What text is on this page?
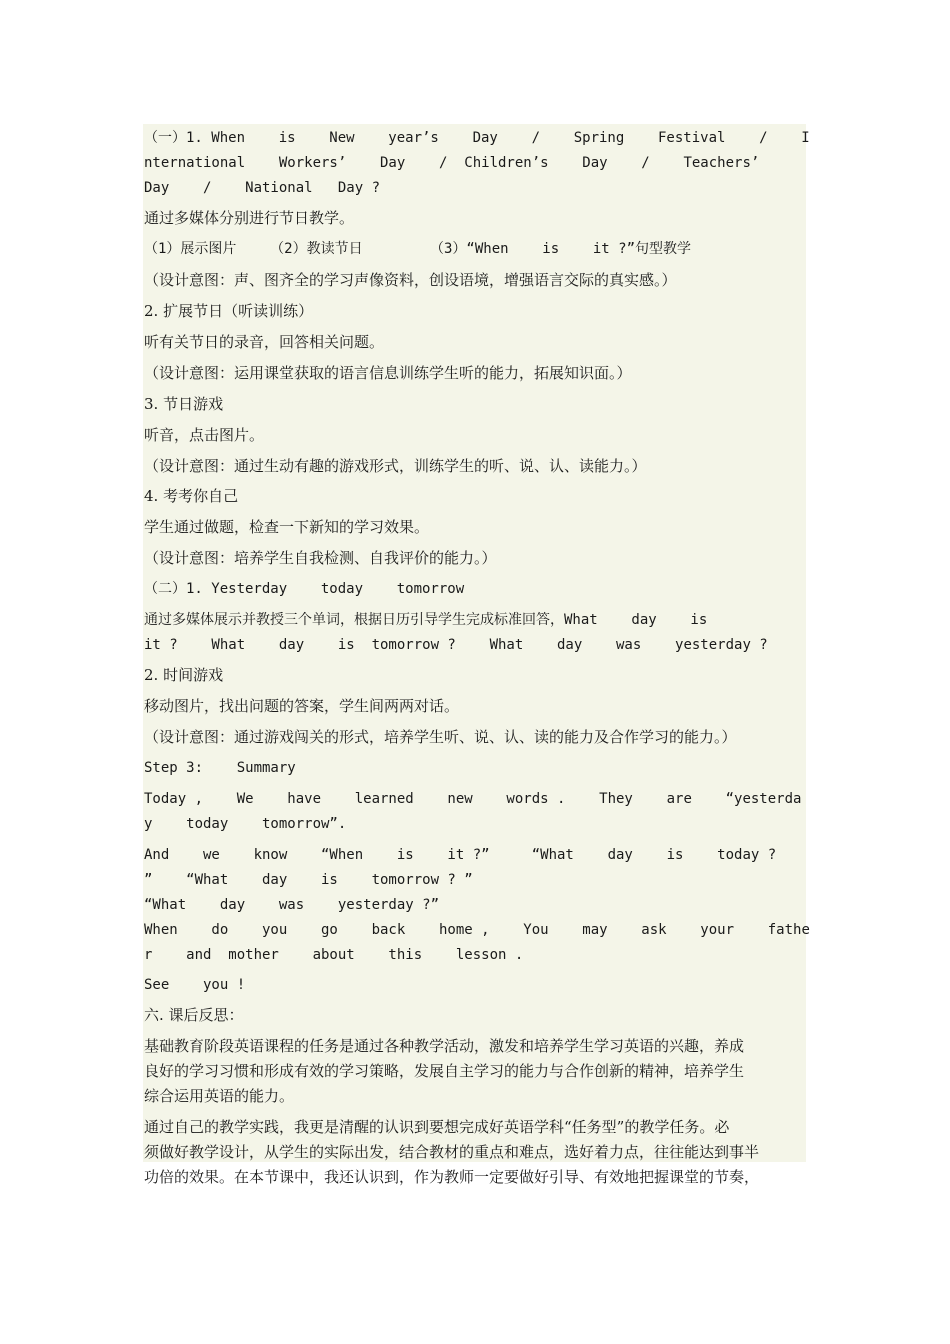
（一）1. When    is    New    year’s    Day    /    Spring    Festival    /    I
nternational    Workers’    Day    /  Children’s    Day    /    Teachers’
Day    /    National   Day ?
通过多媒体分别进行节日教学。
（1）展示图片    （2）教读节日        （3）“When    is    it ?”句型教学
（设计意图：声、图齐全的学习声像资料，创设语境，增强语言交际的真实感。）
2. 扩展节日（听读训练）
听有关节日的录音，回答相关问题。
（设计意图：运用课堂获取的语言信息训练学生听的能力，拓展知识面。）
3. 节日游戏
听音，点击图片。
（设计意图：通过生动有趣的游戏形式，训练学生的听、说、认、读能力。）
4. 考考你自己
学生通过做题，检查一下新知的学习效果。
（设计意图：培养学生自我检测、自我评价的能力。）
（二）1. Yesterday    today    tomorrow
通过多媒体展示并教授三个单词，根据日历引导学生完成标准回答，What    day    is
it ?    What    day    is  tomorrow ?    What    day    was    yesterday ?
2. 时间游戏
移动图片，找出问题的答案，学生间两两对话。
（设计意图：通过游戏闯关的形式，培养学生听、说、认、读的能力及合作学习的能力。）
Step 3:    Summary
Today ,    We    have    learned    new    words .    They    are    “yesterda
y    today    tomorrow”.
And    we    know    “When    is    it ?”     “What    day    is    today ?
”    “What    day    is    tomorrow ? ”
“What    day    was    yesterday ?”
When    do    you    go    back    home ,    You    may    ask    your    fathe
r    and  mother    about    this    lesson .
See    you !
六. 课后反思：
基础教育阶段英语课程的任务是通过各种教学活动，激发和培养学生学习英语的兴趣，养成
良好的学习习惯和形成有效的学习策略，发展自主学习的能力与合作创新的精神，培养学生
综合运用英语的能力。
通过自己的教学实践，我更是清醒的认识到要想完成好英语学科“任务型”的教学任务。必
须做好教学设计，从学生的实际出发，结合教材的重点和难点，选好着力点，往往能达到事半
功倍的效果。在本节课中，我还认识到，作为教师一定要做好引导、有效地把握课堂的节奏，
